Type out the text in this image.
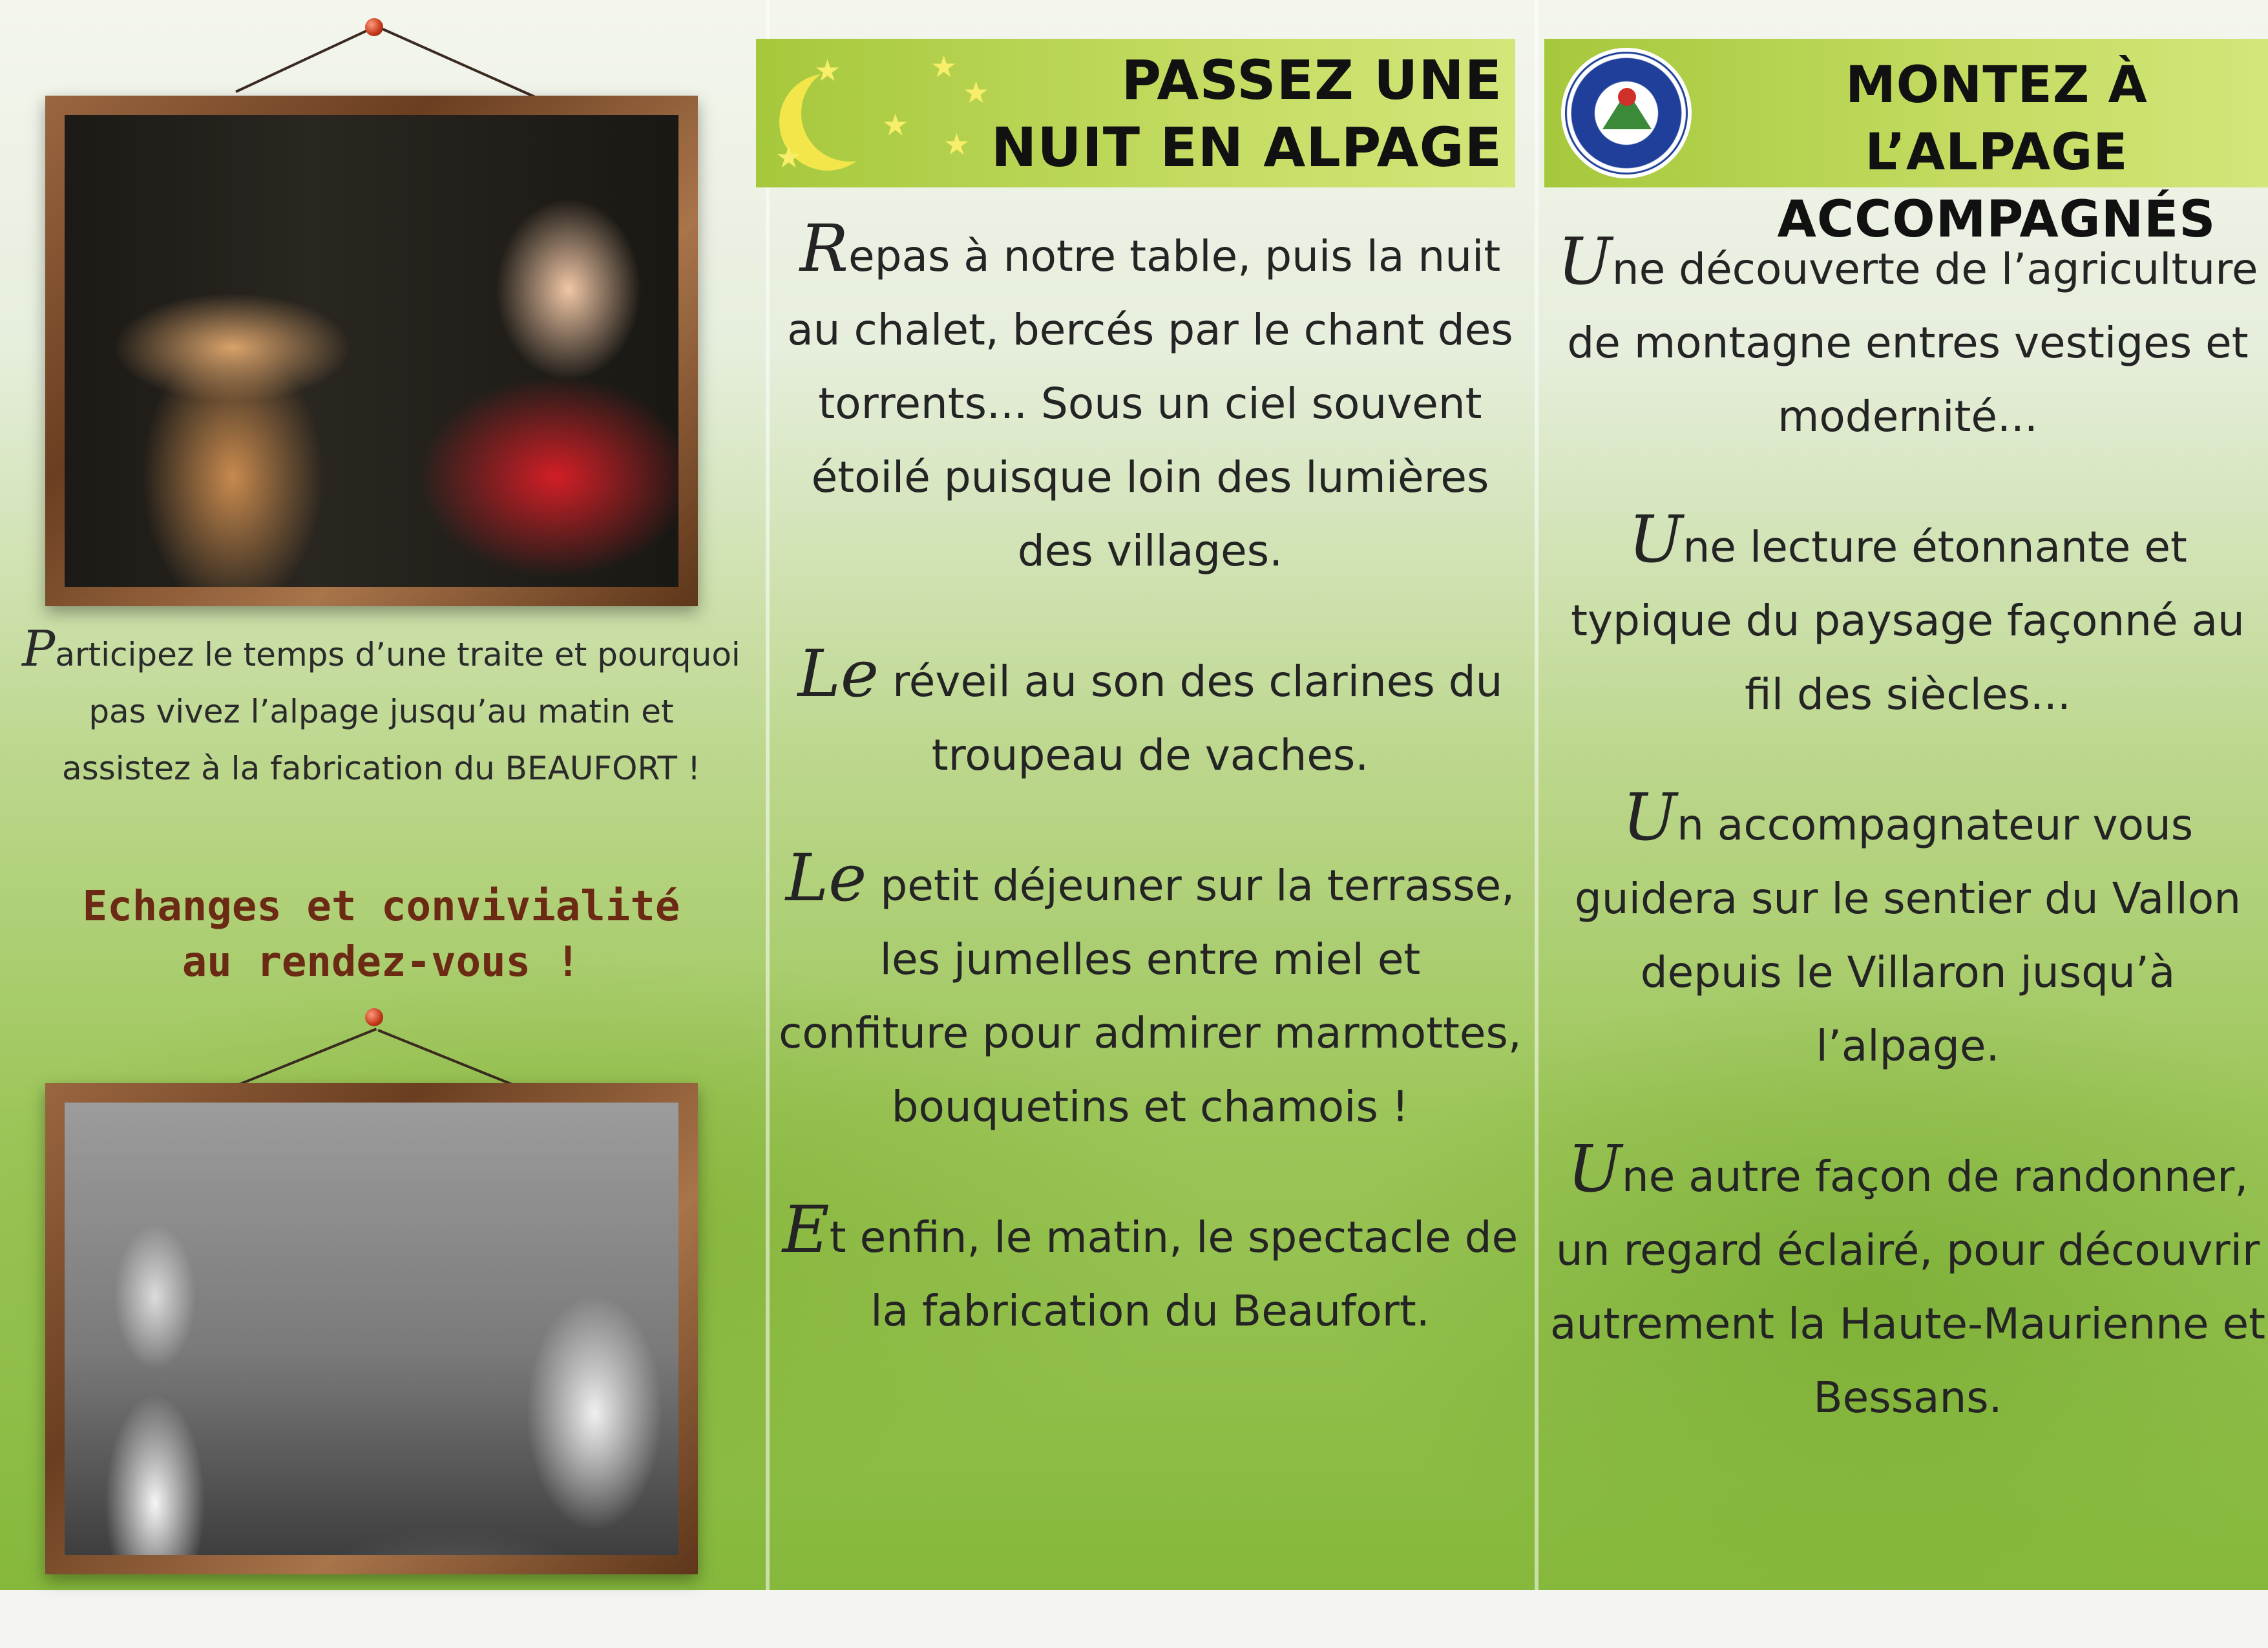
Participez le temps d’une traite et pourquoi pas vivez l’alpage jusqu’au matin et assistez à la fabrication du BEAUFORT !
Echanges et convivialité
au rendez-vous !
★	★
★
★
★
★
PASSEZ UNE
NUIT EN ALPAGE

Repas à notre table, puis la nuit au chalet, bercés par le chant des torrents... Sous un ciel souvent étoilé puisque loin des lumières des villages.

Le réveil au son des clarines du troupeau de vaches.

Le petit déjeuner sur la terrasse, les jumelles entre miel et confiture pour admirer marmottes, bouquetins et chamois !

Et enfin, le matin, le spectacle de la fabrication du Beaufort.

MONTEZ À L’ALPAGE
ACCOMPAGNÉS

Une découverte de l’agriculture de montagne entres vestiges et modernité...

Une lecture étonnante et typique du paysage façonné au fil des siècles...

Un accompagnateur vous guidera sur le sentier du Vallon depuis le Villaron jusqu’à l’alpage.

Une autre façon de randonner, un regard éclairé, pour découvrir autrement la Haute-Maurienne et Bessans.
